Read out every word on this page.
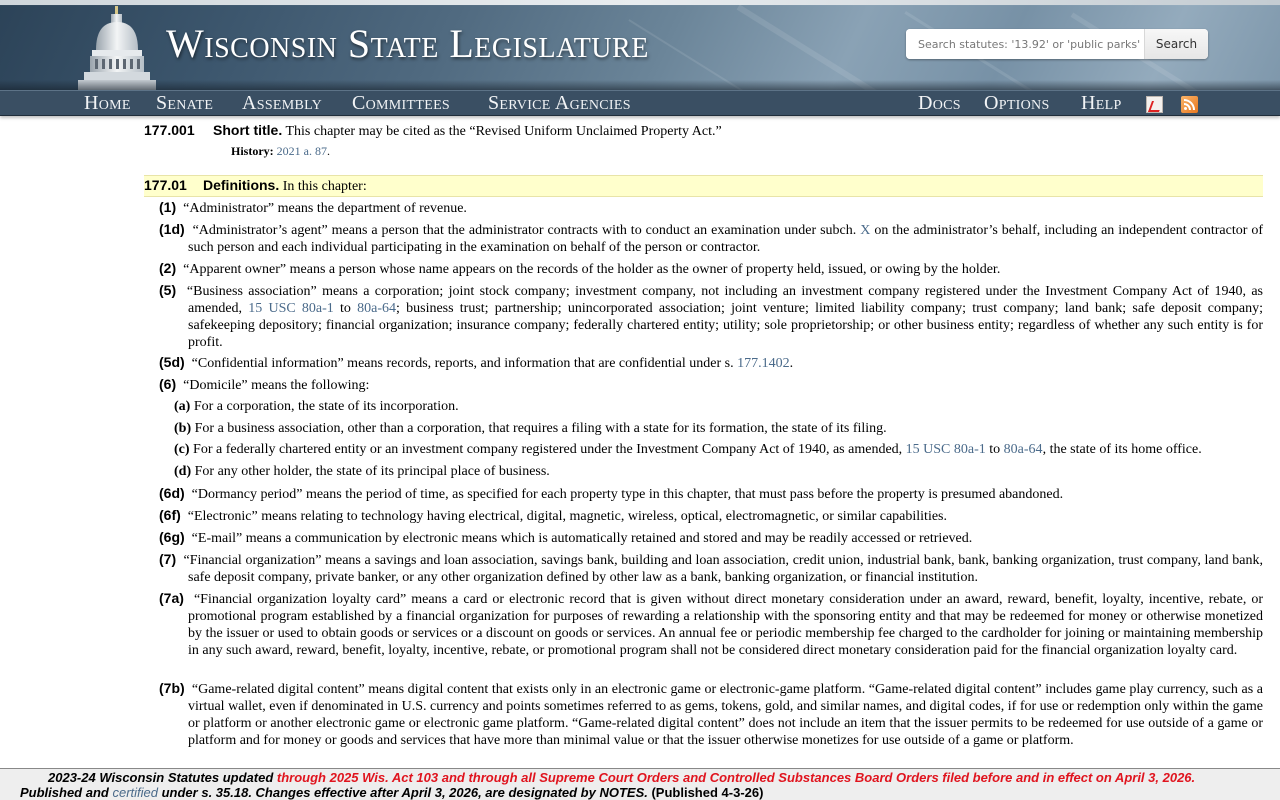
Wisconsin State Legislature
Search statutes: '13.92' or 'public parks'	Search
Home Senate Assembly Committees Service Agencies	Docs Options Help
177.001 Short title. This chapter may be cited as the “Revised Uniform Unclaimed Property Act.”
History: 2021 a. 87.
177.01 Definitions. In this chapter:
(1) “Administrator” means the department of revenue.
(1d) “Administrator’s agent” means a person that the administrator contracts with to conduct an examination under subch. X on the administrator’s behalf, including an independent contractor of such person and each individual participating in the examination on behalf of the person or contractor.
(2) “Apparent owner” means a person whose name appears on the records of the holder as the owner of property held, issued, or owing by the holder.
(5) “Business association” means a corporation; joint stock company; investment company, not including an investment company registered under the Investment Company Act of 1940, as amended, 15 USC 80a-1 to 80a-64; business trust; partnership; unincorporated association; joint venture; limited liability company; trust company; land bank; safe deposit company; safekeeping depository; financial organization; insurance company; federally chartered entity; utility; sole proprietorship; or other business entity; regardless of whether any such entity is for profit.
(5d) “Confidential information” means records, reports, and information that are confidential under s. 177.1402.
(6) “Domicile” means the following:
(a) For a corporation, the state of its incorporation.
(b) For a business association, other than a corporation, that requires a filing with a state for its formation, the state of its filing.
(c) For a federally chartered entity or an investment company registered under the Investment Company Act of 1940, as amended, 15 USC 80a-1 to 80a-64, the state of its home office.
(d) For any other holder, the state of its principal place of business.
(6d) “Dormancy period” means the period of time, as specified for each property type in this chapter, that must pass before the property is presumed abandoned.
(6f) “Electronic” means relating to technology having electrical, digital, magnetic, wireless, optical, electromagnetic, or similar capabilities.
(6g) “E-mail” means a communication by electronic means which is automatically retained and stored and may be readily accessed or retrieved.
(7) “Financial organization” means a savings and loan association, savings bank, building and loan association, credit union, industrial bank, bank, banking organization, trust company, land bank, safe deposit company, private banker, or any other organization defined by other law as a bank, banking organization, or financial institution.
(7a) “Financial organization loyalty card” means a card or electronic record that is given without direct monetary consideration under an award, reward, benefit, loyalty, incentive, rebate, or promotional program established by a financial organization for purposes of rewarding a relationship with the sponsoring entity and that may be redeemed for money or otherwise monetized by the issuer or used to obtain goods or services or a discount on goods or services. An annual fee or periodic membership fee charged to the cardholder for joining or maintaining membership in any such award, reward, benefit, loyalty, incentive, rebate, or promotional program shall not be considered direct monetary consideration paid for the financial organization loyalty card.
(7b) “Game-related digital content” means digital content that exists only in an electronic game or electronic-game platform. “Game-related digital content” includes game play currency, such as a virtual wallet, even if denominated in U.S. currency and points sometimes referred to as gems, tokens, gold, and similar names, and digital codes, if for use or redemption only within the game or platform or another electronic game or electronic game platform. “Game-related digital content” does not include an item that the issuer permits to be redeemed for use outside of a game or platform and for money or goods and services that have more than minimal value or that the issuer otherwise monetizes for use outside of a game or platform.
2023-24 Wisconsin Statutes updated through 2025 Wis. Act 103 and through all Supreme Court Orders and Controlled Substances Board Orders filed before and in effect on April 3, 2026.
Published and certified under s. 35.18. Changes effective after April 3, 2026, are designated by NOTES. (Published 4-3-26)
